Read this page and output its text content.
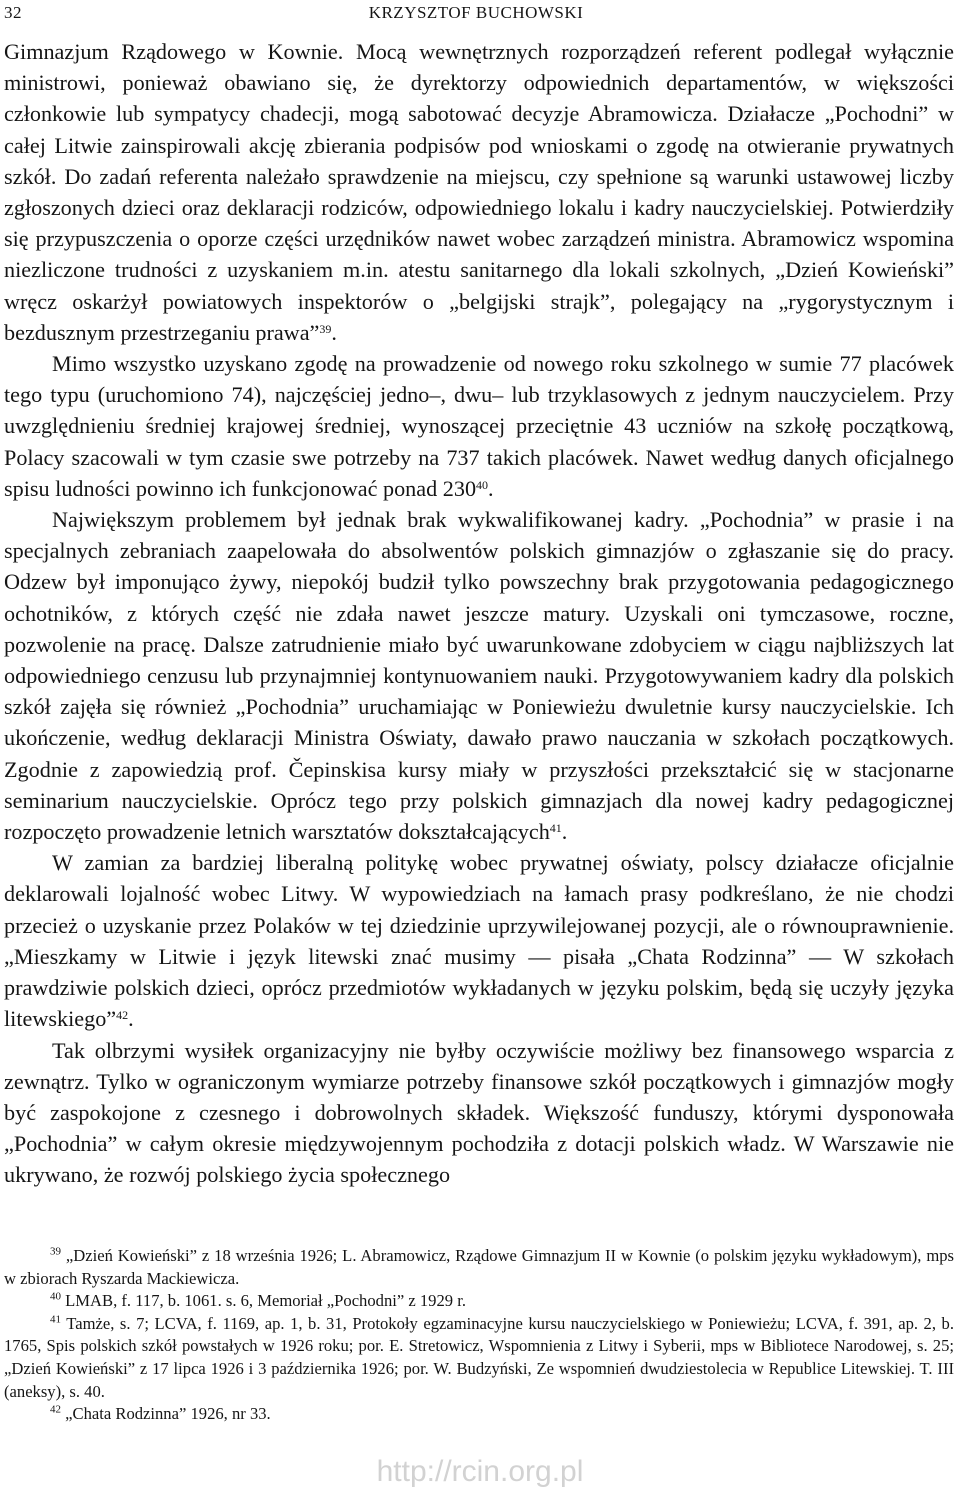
32	KRZYSZTOF BUCHOWSKI

Gimnazjum Rządowego w Kownie. Mocą wewnętrznych rozporządzeń referent podlegał wyłącznie ministrowi, ponieważ obawiano się, że dyrektorzy odpowiednich departamentów, w większości członkowie lub sympatycy chadecji, mogą sabotować decyzje Abramowicza. Działacze „Pochodni” w całej Litwie zainspirowali akcję zbierania podpisów pod wnioskami o zgodę na otwieranie prywatnych szkół. Do zadań referenta należało sprawdzenie na miejscu, czy spełnione są warunki ustawowej liczby zgłoszonych dzieci oraz deklaracji rodziców, odpowiedniego lokalu i kadry nauczycielskiej. Potwierdziły się przypuszczenia o oporze części urzędników nawet wobec zarządzeń ministra. Abramowicz wspomina niezliczone trudności z uzyskaniem m.in. atestu sanitarnego dla lokali szkolnych, „Dzień Kowieński” wręcz oskarżył powiatowych inspektorów o „belgijski strajk”, polegający na „rygorystycznym i bezdusznym przestrzeganiu prawa”$^{39}$.

Mimo wszystko uzyskano zgodę na prowadzenie od nowego roku szkolnego w sumie 77 placówek tego typu (uruchomiono 74), najczęściej jedno–, dwu– lub trzyklasowych z jednym nauczycielem. Przy uwzględnieniu średniej krajowej średniej, wynoszącej przeciętnie 43 uczniów na szkołę początkową, Polacy szacowali w tym czasie swe potrzeby na 737 takich placówek. Nawet według danych oficjalnego spisu ludności powinno ich funkcjonować ponad $230^{40}$.

Największym problemem był jednak brak wykwalifikowanej kadry. „Pochodnia” w prasie i na specjalnych zebraniach zaapelowała do absolwentów polskich gimnazjów o zgłaszanie się do pracy. Odzew był imponująco żywy, niepokój budził tylko powszechny brak przygotowania pedagogicznego ochotników, z których część nie zdała nawet jeszcze matury. Uzyskali oni tymczasowe, roczne, pozwolenie na pracę. Dalsze zatrudnienie miało być uwarunkowane zdobyciem w ciągu najbliższych lat odpowiedniego cenzusu lub przynajmniej kontynuowaniem nauki. Przygotowywaniem kadry dla polskich szkół zajęła się również „Pochodnia” uruchamiając w Poniewieżu dwuletnie kursy nauczycielskie. Ich ukończenie, według deklaracji Ministra Oświaty, dawało prawo nauczania w szkołach początkowych. Zgodnie z zapowiedzią prof. Čepinskisa kursy miały w przyszłości przekształcić się w stacjonarne seminarium nauczycielskie. Oprócz tego przy polskich gimnazjach dla nowej kadry pedagogicznej rozpoczęto prowadzenie letnich warsztatów dokształcających$^{41}$.

W zamian za bardziej liberalną politykę wobec prywatnej oświaty, polscy działacze oficjalnie deklarowali lojalność wobec Litwy. W wypowiedziach na łamach prasy podkreślano, że nie chodzi przecież o uzyskanie przez Polaków w tej dziedzinie uprzywilejowanej pozycji, ale o równouprawnienie. „Mieszkamy w Litwie i język litewski znać musimy — pisała „Chata Rodzinna” — W szkołach prawdziwie polskich dzieci, oprócz przedmiotów wykładanych w języku polskim, będą się uczyły języka litewskiego”$^{42}$.

Tak olbrzymi wysiłek organizacyjny nie byłby oczywiście możliwy bez finansowego wsparcia z zewnątrz. Tylko w ograniczonym wymiarze potrzeby finansowe szkół początkowych i gimnazjów mogły być zaspokojone z czesnego i dobrowolnych składek. Większość funduszy, którymi dysponowała „Pochodnia” w całym okresie międzywojennym pochodziła z dotacji polskich władz. W Warszawie nie ukrywano, że rozwój polskiego życia społecznego

$^{39}$ „Dzień Kowieński” z 18 września 1926; L. Abramowicz, Rządowe Gimnazjum II w Kownie (o polskim języku wykładowym), mps w zbiorach Ryszarda Mackiewicza.

$^{40}$ LMAB, f. 117, b. 1061. s. 6, Memoriał „Pochodni” z 1929 r.

$^{41}$ Tamże, s. 7; LCVA, f. 1169, ap. 1, b. 31, Protokoły egzaminacyjne kursu nauczycielskiego w Poniewieżu; LCVA, f. 391, ap. 2, b. 1765, Spis polskich szkół powstałych w 1926 roku; por. E. Stretowicz, Wspomnienia z Litwy i Syberii, mps w Bibliotece Narodowej, s. 25; „Dzień Kowieński” z 17 lipca 1926 i 3 października 1926; por. W. Budzyński, Ze wspomnień dwudziestolecia w Republice Litewskiej. T. III (aneksy), s. 40.

$^{42}$ „Chata Rodzinna” 1926, nr 33.

http://rcin.org.pl
